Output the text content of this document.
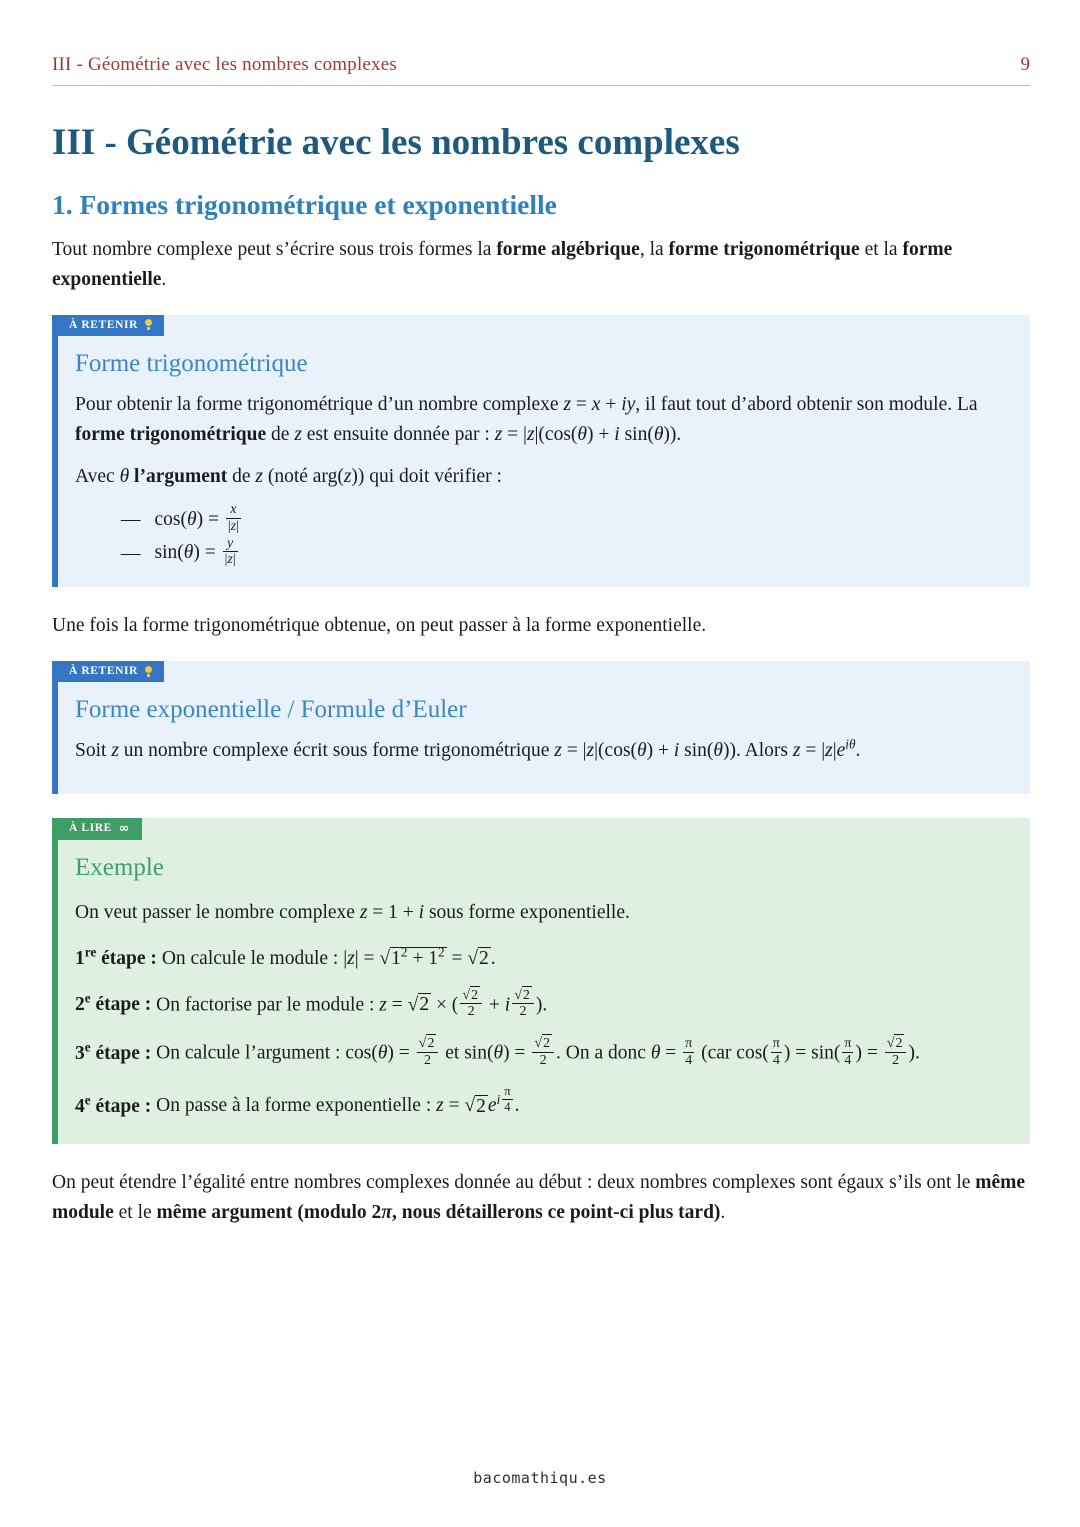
III - Géométrie avec les nombres complexes	9
III - Géométrie avec les nombres complexes
1. Formes trigonométrique et exponentielle

Tout nombre complexe peut s’écrire sous trois formes la forme algébrique, la forme trigonométrique et la forme exponentielle.

À RETENIR
Forme trigonométrique

Pour obtenir la forme trigonométrique d’un nombre complexe z = x + iy, il faut tout d’abord obtenir son module. La forme trigonométrique de z est ensuite donnée par : z = |z|(cos(θ) + i sin(θ)).

Avec θ l’argument de z (noté arg(z)) qui doit vérifier :

— $\cos(\theta) = \frac{x}{|z|}$
— $\sin(\theta) = \frac{y}{|z|}$

Une fois la forme trigonométrique obtenue, on peut passer à la forme exponentielle.

À RETENIR
Forme exponentielle / Formule d’Euler

Soit z un nombre complexe écrit sous forme trigonométrique z = |z|(cos(θ) + i sin(θ)). Alors $z = |z|e^{i\theta}$.

À LIRE ∞
Exemple

On veut passer le nombre complexe z = 1 + i sous forme exponentielle.

1re étape : On calcule le module : $|z| = √1^2 + 1^2 = √2$ .

2e étape : On factorise par le module : z = √2 × ( $\frac{√2}{2} + i \frac{√2}{2}$ ).

3e étape : On calcule l’argument : $\cos(\theta) = \frac{√2}{2}$ et $\sin(\theta) = \frac{√2}{2}$ . On a donc $\theta = \frac{\pi}{4} (car$ $\cos( \frac{\pi}{4}$ ) = $\sin( \frac{\pi}{4}$ ) = $\frac{√2}{2}$ ).

4e étape : On passe à la forme exponentielle : z = √2 $e^{i \frac{\pi}{4}}$ .

On peut étendre l’égalité entre nombres complexes donnée au début : deux nombres complexes sont égaux s’ils ont le même module et le même argument (modulo 2π, nous détaillerons ce point-ci plus tard).

bacomathiqu.es
